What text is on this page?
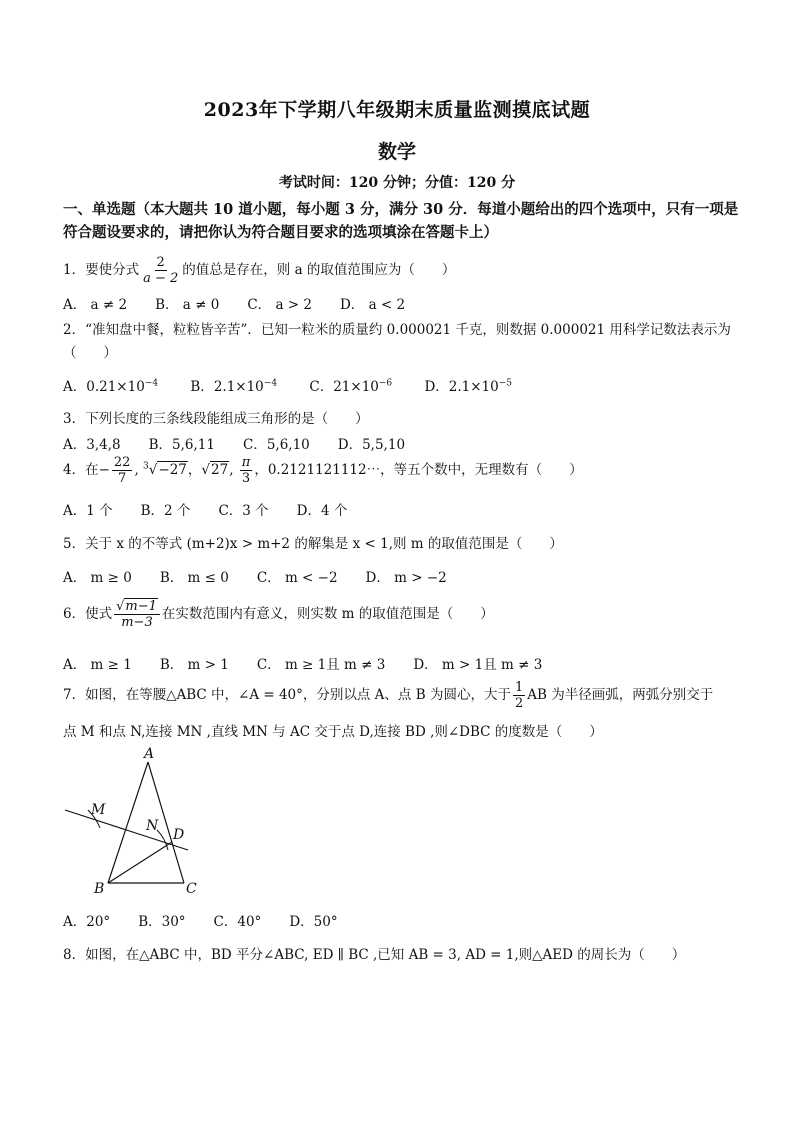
2023年下学期八年级期末质量监测摸底试题
数学
考试时间：120 分钟；分值：120 分
一、单选题（本大题共 10 道小题，每小题 3 分，满分 30 分．每道小题给出的四个选项中，只有一项是符合题设要求的，请把你认为符合题目要求的选项填涂在答题卡上）
1．要使分式 $\frac{2}{a - 2}$ 的值总是存在，则 a 的取值范围应为（　　）
A． a ≠ 2 B． a ≠ 0 C． a > 2 D． a < 2
2．“准知盘中餐，粒粒皆辛苦”．已知一粒米的质量约 0.000021 千克，则数据 0.000021 用科学记数法表示为
（　　）
A．$0.21\times 10^{-4}$ B．$2.1\times 10^{-4}$ C．$21\times 10^{-6}$ D．$2.1\times 10^{-5}$
3．下列长度的三条线段能组成三角形的是（　　）
A．3,4,8 B．5,6,11 C．5,6,10 D．5,5,10
4．在− $\frac{22}{7}$ , $^3$√−27，√27, $\frac{\pi}{3}$ ，0.2121121112⋯，等五个数中，无理数有（　　）
A．1 个 B．2 个 C．3 个 D．4 个
5．关于 x 的不等式 (m+2)x > m+2 的解集是 x < 1,则 m 的取值范围是（　　）
A． m ≥ 0 B． m ≤ 0 C． m < −2 D． m > −2
6．使式 $\frac{√m-1}{m-3}$ 在实数范围内有意义，则实数 m 的取值范围是（　　）
A． m ≥ 1 B． m > 1 C． m ≥ 1且 m ≠ 3 D． m > 1且 m ≠ 3
7．如图，在等腰△ABC 中，∠A = 40°，分别以点 A、点 B 为圆心，大于 $\frac{1}{2}$ AB 为半径画弧，两弧分别交于
点 M 和点 N,连接 MN ,直线 MN 与 AC 交于点 D,连接 BD ,则∠DBC 的度数是（　　）
A
B	C
D
M
N
A．20° B．30° C．40° D．50°
8．如图，在△ABC 中，BD 平分∠ABC, ED ∥ BC ,已知 AB = 3, AD = 1,则△AED 的周长为（　　）
